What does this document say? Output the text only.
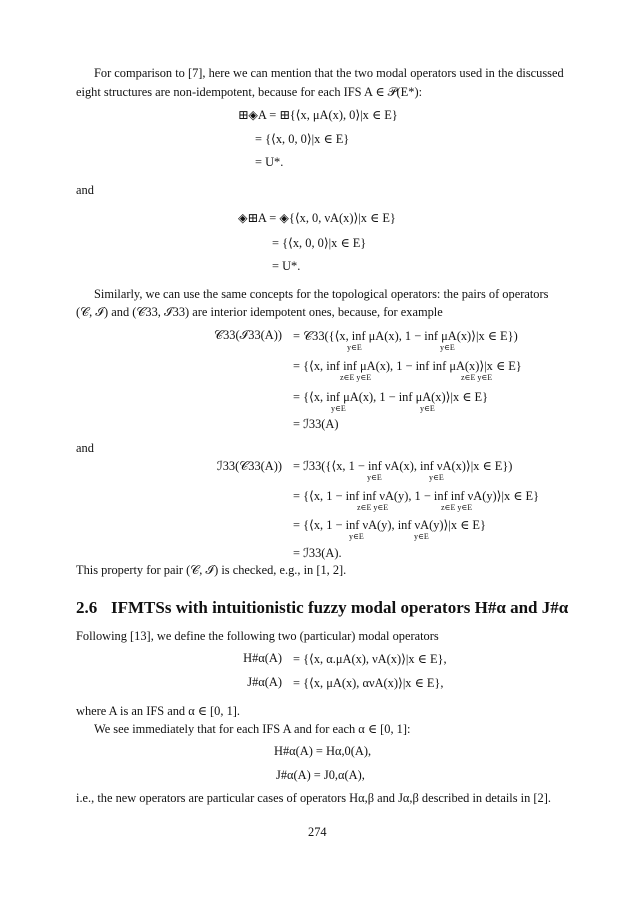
For comparison to [7], here we can mention that the two modal operators used in the discussed
eight structures are non-idempotent, because for each IFS A ∈ 𝒫(E*):
⊞◈A = ⊞{⟨x, μA(x), 0⟩|x ∈ E}
= {⟨x, 0, 0⟩|x ∈ E}
= U*.
and
◈⊞A = ◈{⟨x, 0, νA(x)⟩|x ∈ E}
= {⟨x, 0, 0⟩|x ∈ E}
= U*.
Similarly, we can use the same concepts for the topological operators: the pairs of operators
(𝒞, ℐ) and (𝒞33, ℐ33) are interior idempotent ones, because, for example
𝒞33(ℐ33(A)) = 𝒞33({⟨x, inf μA(x), 1 − inf μA(x)⟩|x ∈ E})
y∈E	y∈E
= {⟨x, inf inf μA(x), 1 − inf inf μA(x)⟩|x ∈ E}
z∈E y∈E	z∈E y∈E
= {⟨x, inf μA(x), 1 − inf μA(x)⟩|x ∈ E}
y∈E	y∈E
= ℐ33(A)
and
ℐ33(𝒞33(A)) = ℐ33({⟨x, 1 − inf νA(x), inf νA(x)⟩|x ∈ E})
y∈E	y∈E
= {⟨x, 1 − inf inf νA(y), 1 − inf inf νA(y)⟩|x ∈ E}
z∈E y∈E	z∈E y∈E
= {⟨x, 1 − inf νA(y), inf νA(y)⟩|x ∈ E}
y∈E	y∈E
= ℐ33(A).
This property for pair (𝒞, ℐ) is checked, e.g., in [1, 2].
2.6 IFMTSs with intuitionistic fuzzy modal operators H#α and J#α
Following [13], we define the following two (particular) modal operators
H#α(A) = {⟨x, α.μA(x), νA(x)⟩|x ∈ E},
J#α(A) = {⟨x, μA(x), ανA(x)⟩|x ∈ E},
where A is an IFS and α ∈ [0, 1].
We see immediately that for each IFS A and for each α ∈ [0, 1]:
H#α(A) = Hα,0(A),
J#α(A) = J0,α(A),
i.e., the new operators are particular cases of operators Hα,β and Jα,β described in details in [2].
274
